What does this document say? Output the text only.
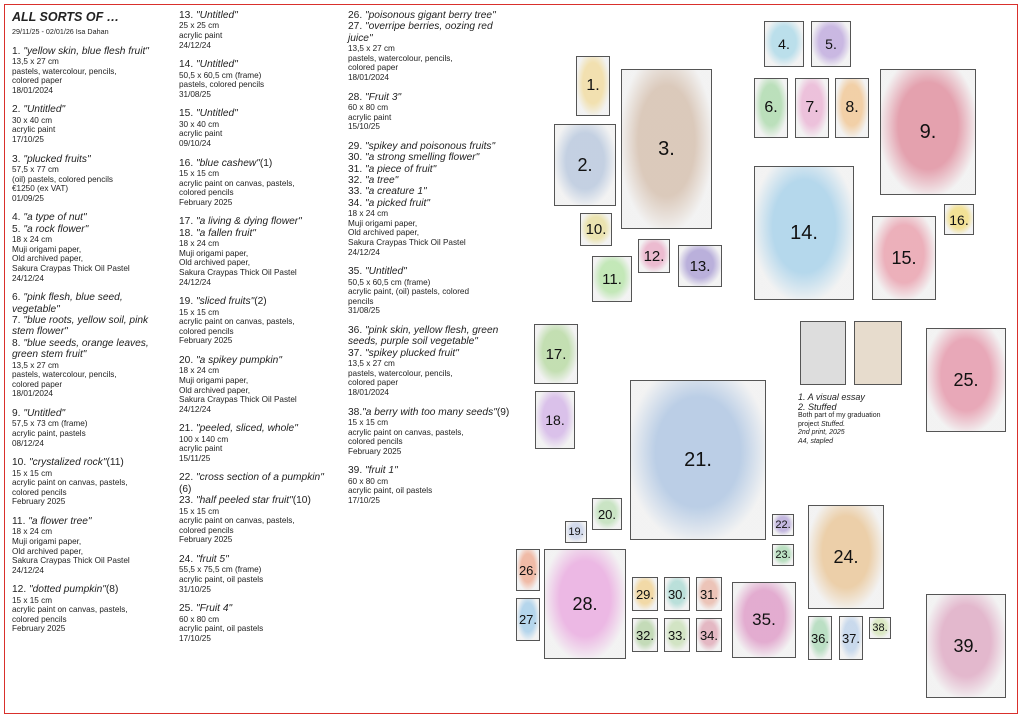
ALL SORTS OF …
29/11/25 - 02/01/26 Isa Dahan
1. "yellow skin, blue flesh fruit"
13,5 x 27 cm
pastels, watercolour, pencils,
colored paper
18/01/2024
2. "Untitled"
30 x 40 cm
acrylic paint
17/10/25
3. "plucked fruits"
57,5 x 77 cm
(oil) pastels, colored pencils
€1250 (ex VAT)
01/09/25
4. "a type of nut"
5. "a rock flower"
18 x 24 cm
Muji origami paper,
Old archived paper,
Sakura Craypas Thick Oil Pastel
24/12/24
6. "pink flesh, blue seed, vegetable"
7. "blue roots, yellow soil, pink stem flower"
8. "blue seeds, orange leaves, green stem fruit"
13,5 x 27 cm
pastels, watercolour, pencils,
colored paper
18/01/2024
9. "Untitled"
57,5 x 73 cm (frame)
acrylic paint, pastels
08/12/24
10. "crystalized rock"(11)
15 x 15 cm
acrylic paint on canvas, pastels,
colored pencils
February 2025
11. "a flower tree"
18 x 24 cm
Muji origami paper,
Old archived paper,
Sakura Craypas Thick Oil Pastel
24/12/24
12. "dotted pumpkin"(8)
15 x 15 cm
acrylic paint on canvas, pastels,
colored pencils
February 2025
13. "Untitled"
25 x 25 cm
acrylic paint
24/12/24
14. "Untitled"
50,5 x 60,5 cm (frame)
pastels, colored pencils
31/08/25
15. "Untitled"
30 x 40 cm
acrylic paint
09/10/24
16. "blue cashew"(1)
15 x 15 cm
acrylic paint on canvas, pastels,
colored pencils
February 2025
17. "a living & dying flower"
18. "a fallen fruit"
18 x 24 cm
Muji origami paper,
Old archived paper,
Sakura Craypas Thick Oil Pastel
24/12/24
19. "sliced fruits"(2)
15 x 15 cm
acrylic paint on canvas, pastels,
colored pencils
February 2025
20. "a spikey pumpkin"
18 x 24 cm
Muji origami paper,
Old archived paper,
Sakura Craypas Thick Oil Pastel
24/12/24
21. "peeled, sliced, whole"
100 x 140 cm
acrylic paint
15/11/25
22. "cross section of a pumpkin"(6)
23. "half peeled star fruit"(10)
15 x 15 cm
acrylic paint on canvas, pastels,
colored pencils
February 2025
24. "fruit 5"
55,5 x 75,5 cm (frame)
acrylic paint, oil pastels
31/10/25
25. "Fruit 4"
60 x 80 cm
acrylic paint, oil pastels
17/10/25
26. "poisonous gigant berry tree"
27. "overripe berries, oozing red juice"
13,5 x 27 cm
pastels, watercolour, pencils,
colored paper
18/01/2024
28. "Fruit 3"
60 x 80 cm
acrylic paint
15/10/25
29. "spikey and poisonous fruits"
30. "a strong smelling flower"
31. "a piece of fruit"
32. "a tree"
33. "a creature 1"
34. "a picked fruit"
18 x 24 cm
Muji origami paper,
Old archived paper,
Sakura Craypas Thick Oil Pastel
24/12/24
35. "Untitled"
50,5 x 60,5 cm (frame)
acrylic paint, (oil) pastels, colored
pencils
31/08/25
36. "pink skin, yellow flesh, green seeds, purple soil vegetable"
37. "spikey plucked fruit"
13,5 x 27 cm
pastels, watercolour, pencils,
colored paper
18/01/2024
38."a berry with too many seeds"(9)
15 x 15 cm
acrylic paint on canvas, pastels,
colored pencils
February 2025
39. "fruit 1"
60 x 80 cm
acrylic paint, oil pastels
17/10/25
1. A visual essay
2. Stuffed
Both part of my graduation
project Stuffed.
2nd print, 2025
A4, stapled
1.
2.
3.
4.	5.
6. 7. 8.
9.
10.
11.
12.
13.
14.
15.
16.
17.
18.
19.
20.
21.
22.
23. 24.
25.
26.
27.
28.	29. 30. 31.
32. 33. 34.
35.
36. 37.
38.
39.
